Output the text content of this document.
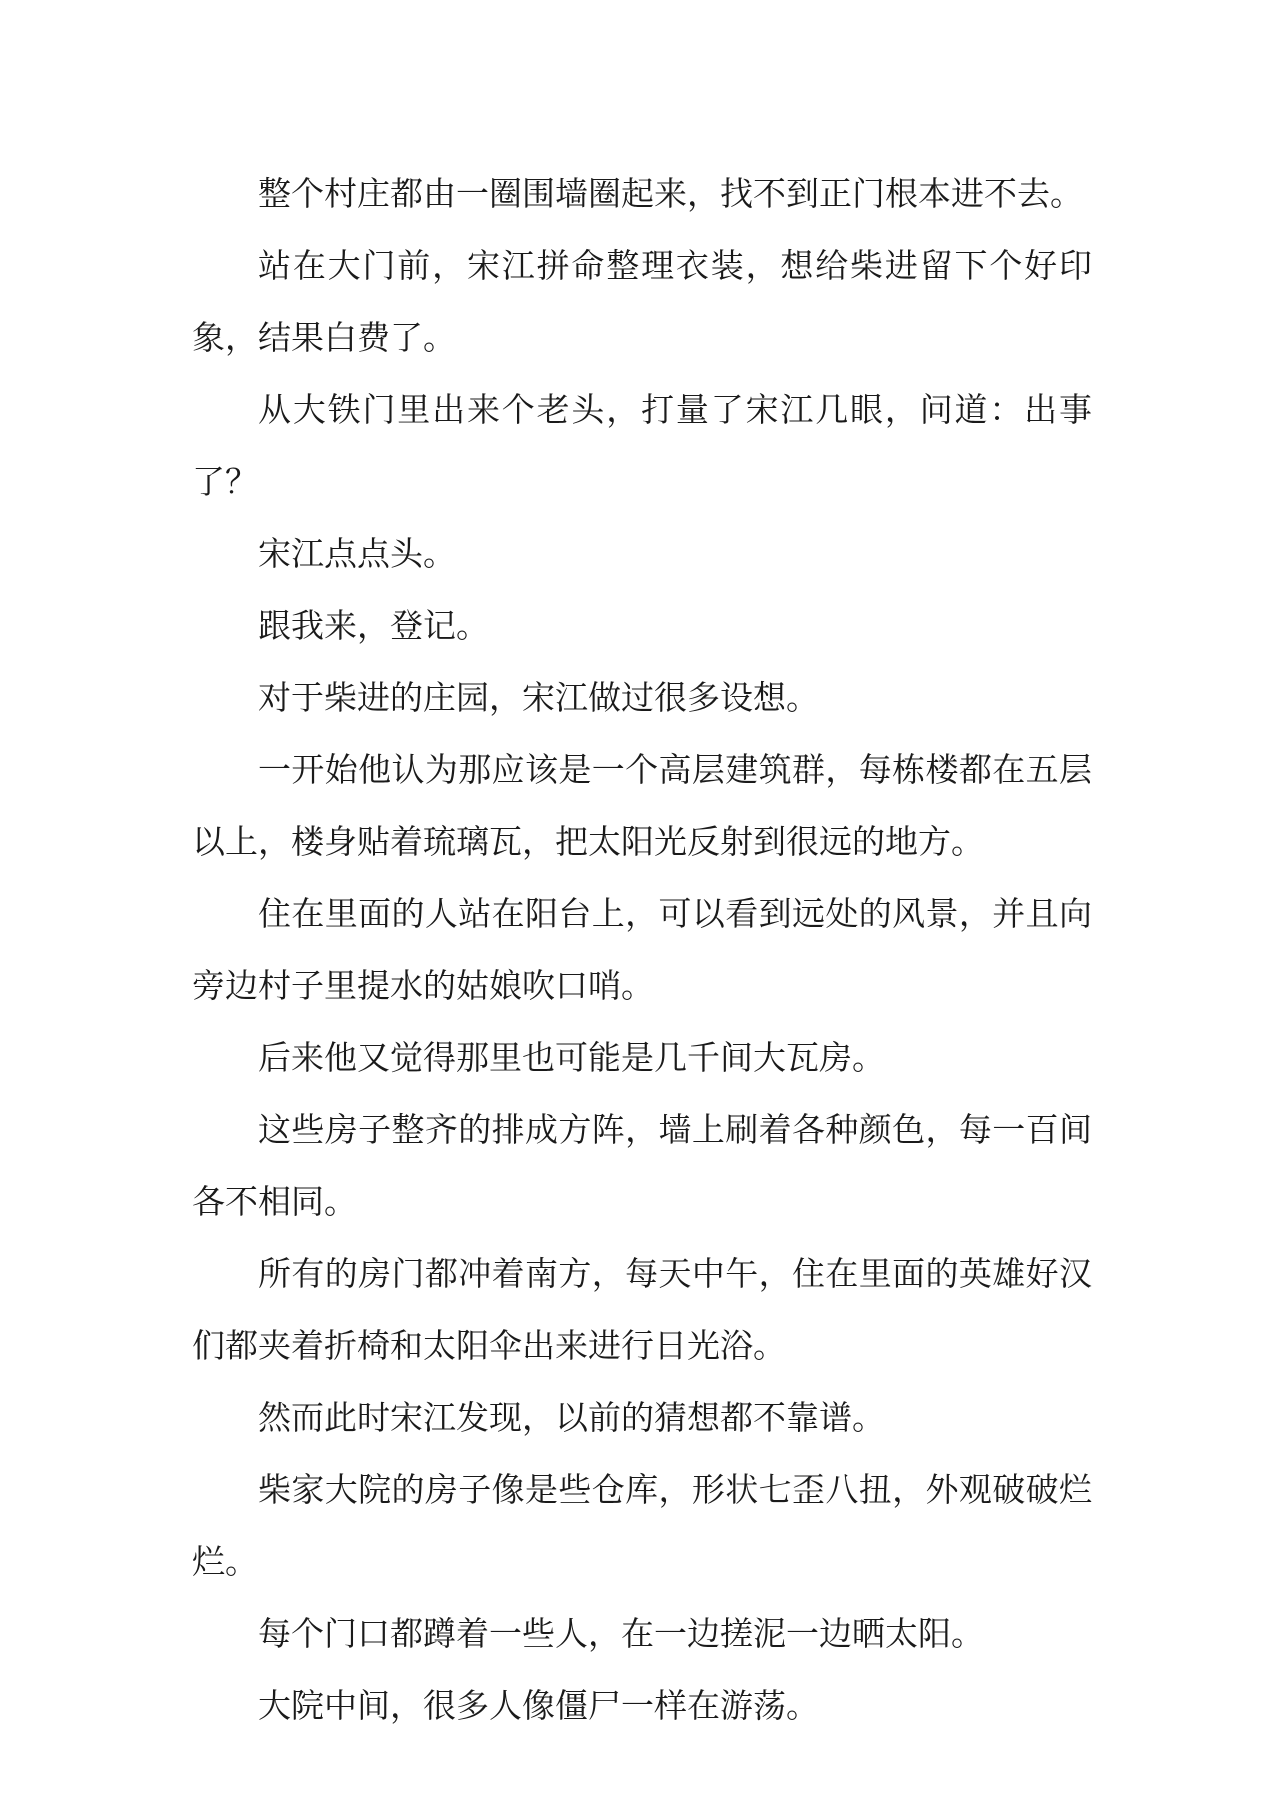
整个村庄都由一圈围墙圈起来，找不到正门根本进不去。

站在大门前，宋江拼命整理衣装，想给柴进留下个好印象，结果白费了。

从大铁门里出来个老头，打量了宋江几眼，问道：出事了？

宋江点点头。

跟我来，登记。

对于柴进的庄园，宋江做过很多设想。

一开始他认为那应该是一个高层建筑群，每栋楼都在五层以上，楼身贴着琉璃瓦，把太阳光反射到很远的地方。

住在里面的人站在阳台上，可以看到远处的风景，并且向旁边村子里提水的姑娘吹口哨。

后来他又觉得那里也可能是几千间大瓦房。

这些房子整齐的排成方阵，墙上刷着各种颜色，每一百间各不相同。

所有的房门都冲着南方，每天中午，住在里面的英雄好汉们都夹着折椅和太阳伞出来进行日光浴。

然而此时宋江发现，以前的猜想都不靠谱。

柴家大院的房子像是些仓库，形状七歪八扭，外观破破烂烂。

每个门口都蹲着一些人，在一边搓泥一边晒太阳。

大院中间，很多人像僵尸一样在游荡。
